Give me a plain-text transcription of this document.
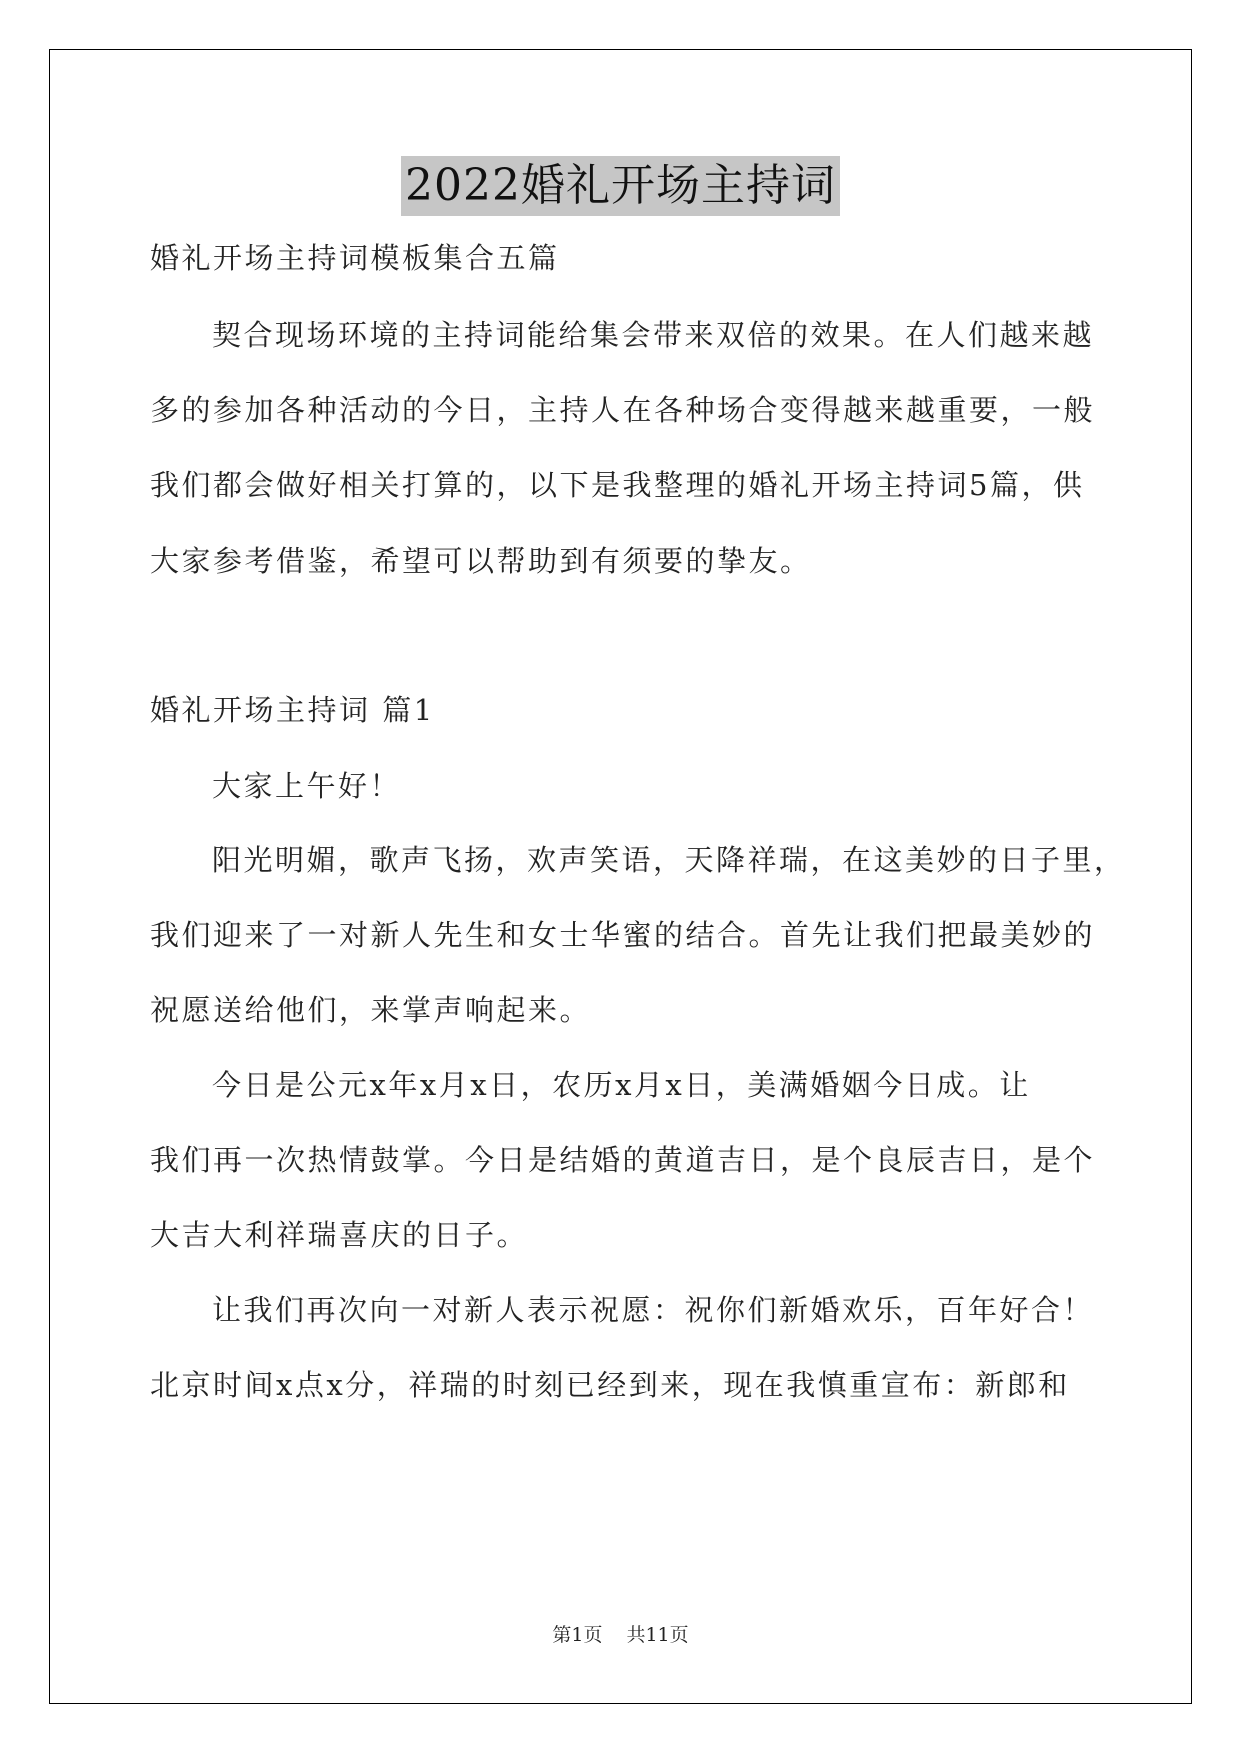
2022婚礼开场主持词
婚礼开场主持词模板集合五篇
契合现场环境的主持词能给集会带来双倍的效果。在人们越来越
多的参加各种活动的今日，主持人在各种场合变得越来越重要，一般
我们都会做好相关打算的，以下是我整理的婚礼开场主持词5篇，供
大家参考借鉴，希望可以帮助到有须要的挚友。
婚礼开场主持词 篇1
大家上午好！
阳光明媚，歌声飞扬，欢声笑语，天降祥瑞，在这美妙的日子里，
我们迎来了一对新人先生和女士华蜜的结合。首先让我们把最美妙的
祝愿送给他们，来掌声响起来。
今日是公元x年x月x日，农历x月x日，美满婚姻今日成。让
我们再一次热情鼓掌。今日是结婚的黄道吉日，是个良辰吉日，是个
大吉大利祥瑞喜庆的日子。
让我们再次向一对新人表示祝愿：祝你们新婚欢乐，百年好合！
北京时间x点x分，祥瑞的时刻已经到来，现在我慎重宣布：新郎和
第1页 共11页
